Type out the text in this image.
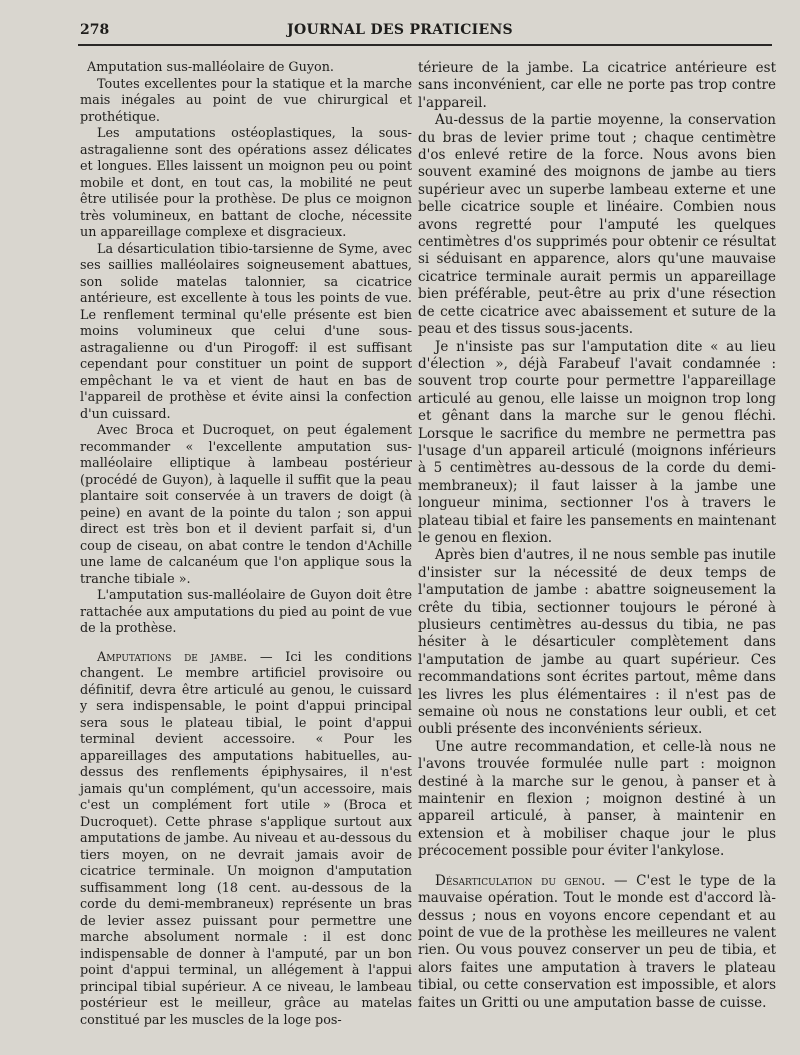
278	JOURNAL DES PRATICIENS

Amputation sus-malléolaire de Guyon.

Toutes excellentes pour la statique et la marche mais inégales au point de vue chirurgical et prothétique.

Les amputations ostéoplastiques, la sous-astragalienne sont des opérations assez délicates et longues. Elles laissent un moignon peu ou point mobile et dont, en tout cas, la mobilité ne peut être utilisée pour la prothèse. De plus ce moignon très volumineux, en battant de cloche, nécessite un appareillage complexe et disgracieux.

La désarticulation tibio-tarsienne de Syme, avec ses saillies malléolaires soigneusement abattues, son solide matelas talonnier, sa cicatrice antérieure, est excellente à tous les points de vue. Le renflement terminal qu'elle présente est bien moins volumineux que celui d'une sous-astragalienne ou d'un Pirogoff: il est suffisant cependant pour constituer un point de support empêchant le va et vient de haut en bas de l'appareil de prothèse et évite ainsi la confection d'un cuissard.

Avec Broca et Ducroquet, on peut également recommander « l'excellente amputation sus-malléolaire elliptique à lambeau postérieur (procédé de Guyon), à laquelle il suffit que la peau plantaire soit conservée à un travers de doigt (à peine) en avant de la pointe du talon ; son appui direct est très bon et il devient parfait si, d'un coup de ciseau, on abat contre le tendon d'Achille une lame de calcanéum que l'on applique sous la tranche tibiale ».

L'amputation sus-malléolaire de Guyon doit être rattachée aux amputations du pied au point de vue de la prothèse.

Amputations de jambe. — Ici les conditions changent. Le membre artificiel provisoire ou définitif, devra être articulé au genou, le cuissard y sera indispensable, le point d'appui principal sera sous le plateau tibial, le point d'appui terminal devient accessoire. « Pour les appareillages des amputations habituelles, au-dessus des renflements épiphysaires, il n'est jamais qu'un complément, qu'un accessoire, mais c'est un complément fort utile » (Broca et Ducroquet). Cette phrase s'applique surtout aux amputations de jambe. Au niveau et au-dessous du tiers moyen, on ne devrait jamais avoir de cicatrice terminale. Un moignon d'amputation suffisamment long (18 cent. au-dessous de la corde du demi-membraneux) représente un bras de levier assez puissant pour permettre une marche absolument normale : il est donc indispensable de donner à l'amputé, par un bon point d'appui terminal, un allégement à l'appui principal tibial supérieur. A ce niveau, le lambeau postérieur est le meilleur, grâce au matelas constitué par les muscles de la loge pos-

térieure de la jambe. La cicatrice antérieure est sans inconvénient, car elle ne porte pas trop contre l'appareil.

Au-dessus de la partie moyenne, la conservation du bras de levier prime tout ; chaque centimètre d'os enlevé retire de la force. Nous avons bien souvent examiné des moignons de jambe au tiers supérieur avec un superbe lambeau externe et une belle cicatrice souple et linéaire. Combien nous avons regretté pour l'amputé les quelques centimètres d'os supprimés pour obtenir ce résultat si séduisant en apparence, alors qu'une mauvaise cicatrice terminale aurait permis un appareillage bien préférable, peut-être au prix d'une résection de cette cicatrice avec abaissement et suture de la peau et des tissus sous-jacents.

Je n'insiste pas sur l'amputation dite « au lieu d'élection », déjà Farabeuf l'avait condamnée : souvent trop courte pour permettre l'appareillage articulé au genou, elle laisse un moignon trop long et gênant dans la marche sur le genou fléchi. Lorsque le sacrifice du membre ne permettra pas l'usage d'un appareil articulé (moignons inférieurs à 5 centimètres au-dessous de la corde du demi-membraneux); il faut laisser à la jambe une longueur minima, sectionner l'os à travers le plateau tibial et faire les pansements en maintenant le genou en flexion.

Après bien d'autres, il ne nous semble pas inutile d'insister sur la nécessité de deux temps de l'amputation de jambe : abattre soigneusement la crête du tibia, sectionner toujours le péroné à plusieurs centimètres au-dessus du tibia, ne pas hésiter à le désarticuler complètement dans l'amputation de jambe au quart supérieur. Ces recommandations sont écrites partout, même dans les livres les plus élémentaires : il n'est pas de semaine où nous ne constations leur oubli, et cet oubli présente des inconvénients sérieux.

Une autre recommandation, et celle-là nous ne l'avons trouvée formulée nulle part : moignon destiné à la marche sur le genou, à panser et à maintenir en flexion ; moignon destiné à un appareil articulé, à panser, à maintenir en extension et à mobiliser chaque jour le plus précocement possible pour éviter l'ankylose.

Désarticulation du genou. — C'est le type de la mauvaise opération. Tout le monde est d'accord là-dessus ; nous en voyons encore cependant et au point de vue de la prothèse les meilleures ne valent rien. Ou vous pouvez conserver un peu de tibia, et alors faites une amputation à travers le plateau tibial, ou cette conservation est impossible, et alors faites un Gritti ou une amputation basse de cuisse.
